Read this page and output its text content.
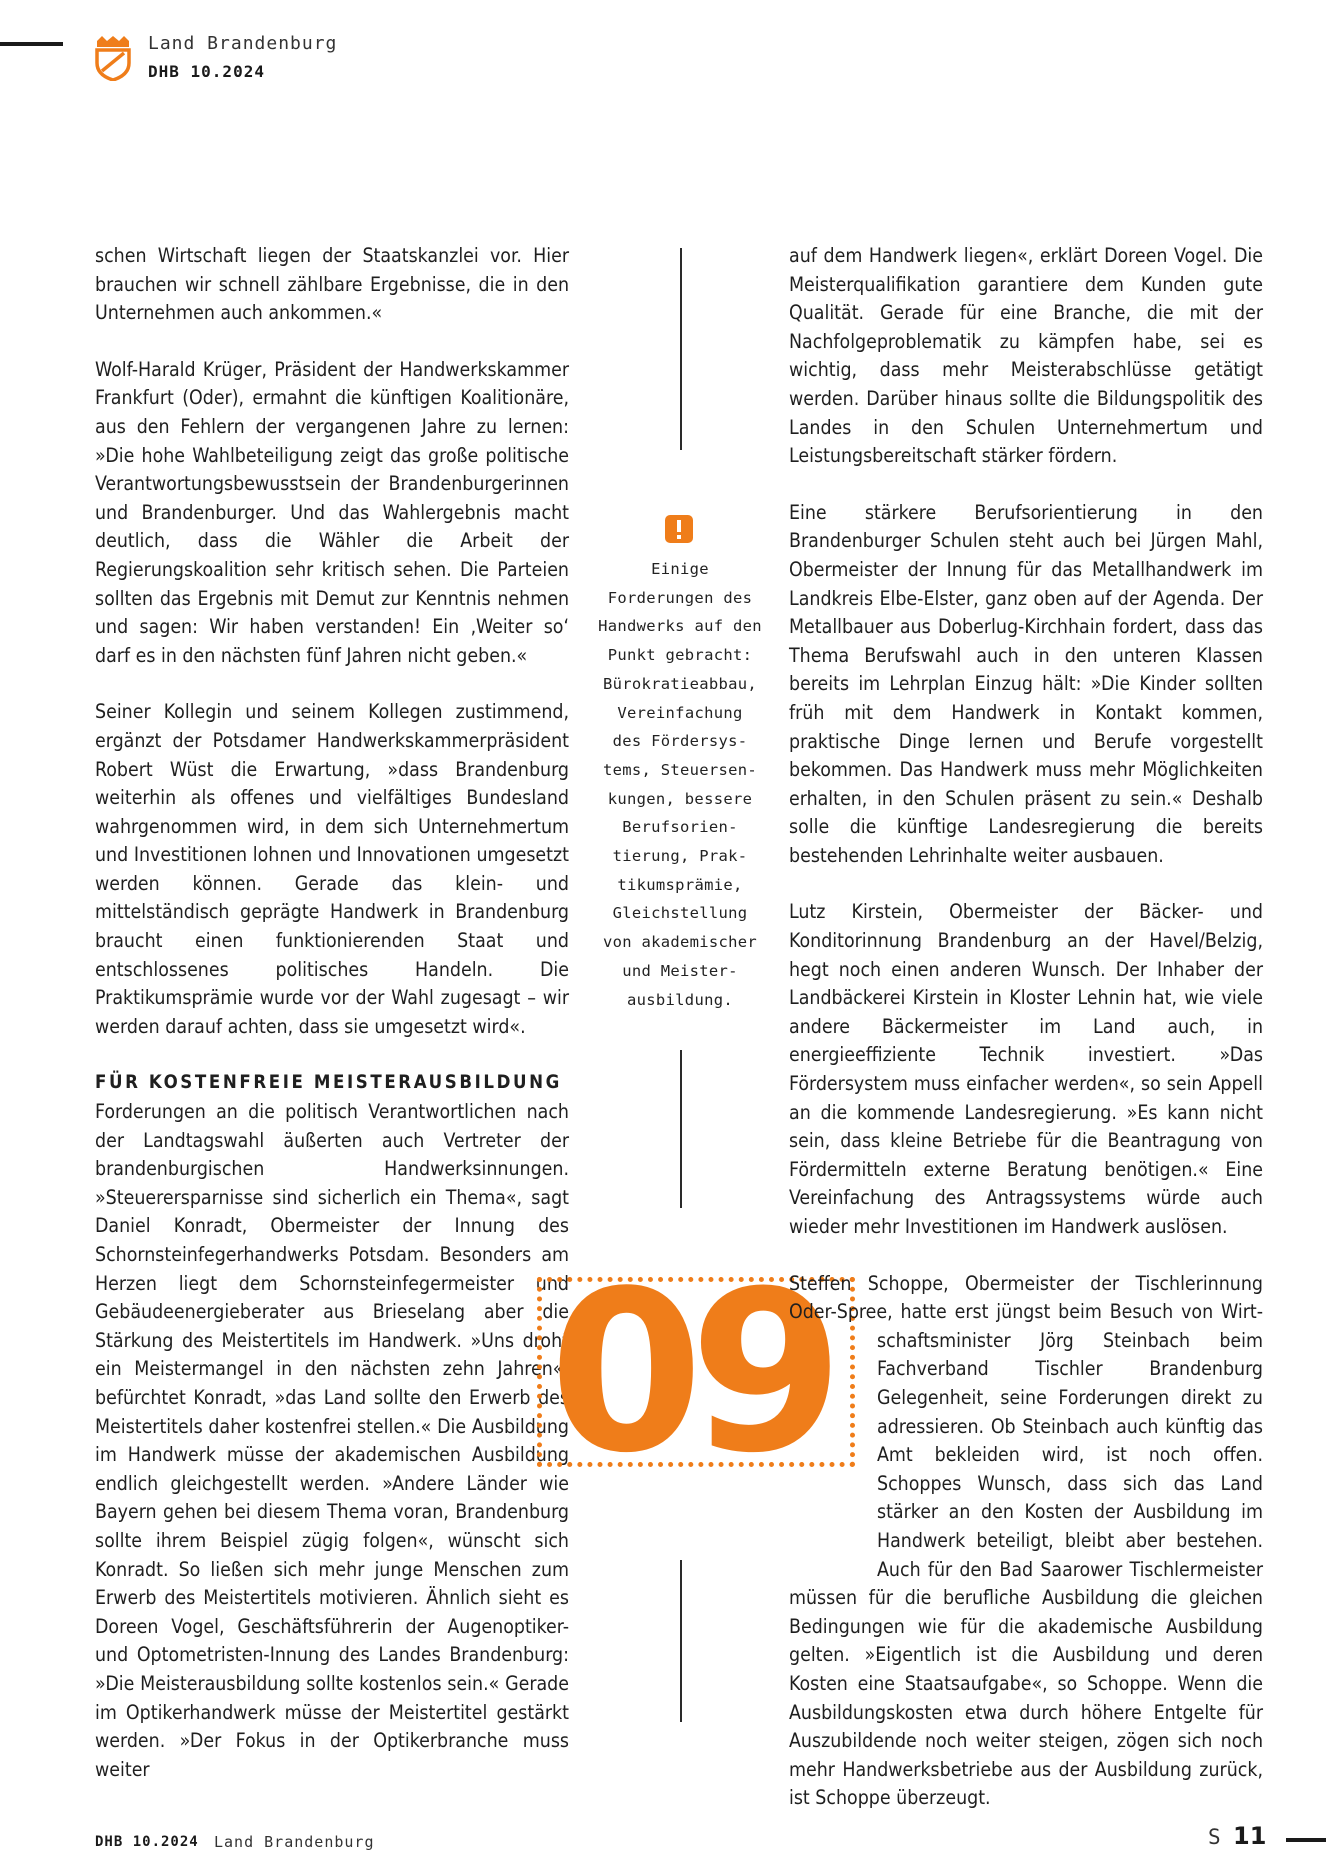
Land Brandenburg
DHB 10.2024

schen Wirtschaft liegen der Staatskanzlei vor. Hier brauchen wir schnell zählbare Ergebnisse, die in den Unternehmen auch ankommen.«

Wolf-Harald Krüger, Präsident der Handwerkskammer Frankfurt (Oder), ermahnt die künftigen Koalitionäre, aus den Fehlern der vergangenen Jahre zu lernen: »Die hohe Wahlbeteiligung zeigt das große politische Verantwortungsbewusstsein der Brandenburgerinnen und Brandenburger. Und das Wahlergebnis macht deutlich, dass die Wähler die Arbeit der Regierungskoalition sehr kritisch sehen. Die Parteien sollten das Ergebnis mit Demut zur Kenntnis nehmen und sagen: Wir haben verstanden! Ein ‚Weiter so‘ darf es in den nächsten fünf Jahren nicht geben.«

Seiner Kollegin und seinem Kollegen zustimmend, ergänzt der Potsdamer Handwerkskammerpräsident Robert Wüst die Erwartung, »dass Brandenburg weiterhin als offenes und vielfältiges Bundesland wahrgenommen wird, in dem sich Unternehmertum und Investitionen lohnen und Innovationen umgesetzt werden können. Gerade das klein- und mittelständisch geprägte Handwerk in Brandenburg braucht einen funktionierenden Staat und entschlossenes politisches Handeln. Die Praktikumsprämie wurde vor der Wahl zugesagt – wir werden darauf achten, dass sie umgesetzt wird«.

FÜR KOSTENFREIE MEISTERAUSBILDUNG

Forderungen an die politisch Verantwortlichen nach der Landtagswahl äußerten auch Vertreter der brandenburgischen Handwerksinnungen. »Steuerersparnisse sind sicherlich ein Thema«, sagt Daniel Konradt, Obermeister der Innung des Schornsteinfegerhandwerks Potsdam. Besonders am Herzen liegt dem Schornsteinfegermeister und Gebäudeenergieberater aus Brieselang aber die Stärkung des Meistertitels im Handwerk. »Uns droht ein Meistermangel in den nächsten zehn Jahren«, befürchtet Konradt, »das Land sollte den Erwerb des Meistertitels daher kostenfrei stellen.« Die Ausbildung im Handwerk müsse der akademischen Ausbildung endlich gleichgestellt werden. »Andere Länder wie Bayern gehen bei diesem Thema voran, Brandenburg sollte ihrem Beispiel zügig folgen«, wünscht sich Konradt. So ließen sich mehr junge Menschen zum Erwerb des Meistertitels motivieren. Ähnlich sieht es Doreen Vogel, Geschäftsführerin der Augenoptiker- und Optometristen-Innung des Landes Brandenburg: »Die Meisterausbildung sollte kostenlos sein.« Gerade im Optikerhandwerk müsse der Meistertitel gestärkt werden. »Der Fokus in der Optikerbranche muss weiter

Einige
Forderungen des
Handwerks auf den
Punkt gebracht:
Bürokratieabbau,
Vereinfachung
des Fördersys-
tems, Steuersen-
kungen, bessere
Berufsorien-
tierung, Prak-
tikumsprämie,
Gleichstellung
von akademischer
und Meister-
ausbildung.
09

auf dem Handwerk liegen«, erklärt Doreen Vogel. Die Meisterqualifikation garantiere dem Kunden gute Qualität. Gerade für eine Branche, die mit der Nachfolgeproblematik zu kämpfen habe, sei es wichtig, dass mehr Meisterabschlüsse getätigt werden. Darüber hinaus sollte die Bildungspolitik des Landes in den Schulen Unternehmertum und Leistungsbereitschaft stärker fördern.

Eine stärkere Berufsorientierung in den Brandenburger Schulen steht auch bei Jürgen Mahl, Obermeister der Innung für das Metallhandwerk im Landkreis Elbe-Elster, ganz oben auf der Agenda. Der Metallbauer aus Doberlug-Kirchhain fordert, dass das Thema Berufswahl auch in den unteren Klassen bereits im Lehrplan Einzug hält: »Die Kinder sollten früh mit dem Handwerk in Kontakt kommen, praktische Dinge lernen und Berufe vorgestellt bekommen. Das Handwerk muss mehr Möglichkeiten erhalten, in den Schulen präsent zu sein.« Deshalb solle die künftige Landesregierung die bereits bestehenden Lehrinhalte weiter ausbauen.

Lutz Kirstein, Obermeister der Bäcker- und Konditorinnung Brandenburg an der Havel/Belzig, hegt noch einen anderen Wunsch. Der Inhaber der Landbäckerei Kirstein in Kloster Lehnin hat, wie viele andere Bäckermeister im Land auch, in energieeffiziente Technik investiert. »Das Fördersystem muss einfacher werden«, so sein Appell an die kommende Landesregierung. »Es kann nicht sein, dass kleine Betriebe für die Beantragung von Fördermitteln externe Beratung benötigen.« Eine Vereinfachung des Antragssystems würde auch wieder mehr Investitionen im Handwerk auslösen.

Steffen Schoppe, Obermeister der Tischlerinnung Oder-Spree, hatte erst jüngst beim Besuch von Wirt-
schaftsminister Jörg Steinbach beim Fachverband Tischler Brandenburg Gelegenheit, seine Forderungen direkt zu adressieren. Ob Steinbach auch künftig das Amt bekleiden wird, ist noch offen. Schoppes Wunsch, dass sich das Land stärker an den Kosten der Ausbildung im Handwerk beteiligt, bleibt aber bestehen. Auch für den Bad Saarower Tischlermeister müssen für die berufliche Ausbildung die gleichen Bedingungen wie für die akademische Ausbildung gelten. »Eigentlich ist die Ausbildung und deren Kosten eine Staatsaufgabe«, so Schoppe. Wenn die Ausbildungskosten etwa durch höhere Entgelte für Auszubildende noch weiter steigen, zögen sich noch mehr Handwerksbetriebe aus der Ausbildung zurück, ist Schoppe überzeugt.

DHB 10.2024 Land Brandenburg	S 11
